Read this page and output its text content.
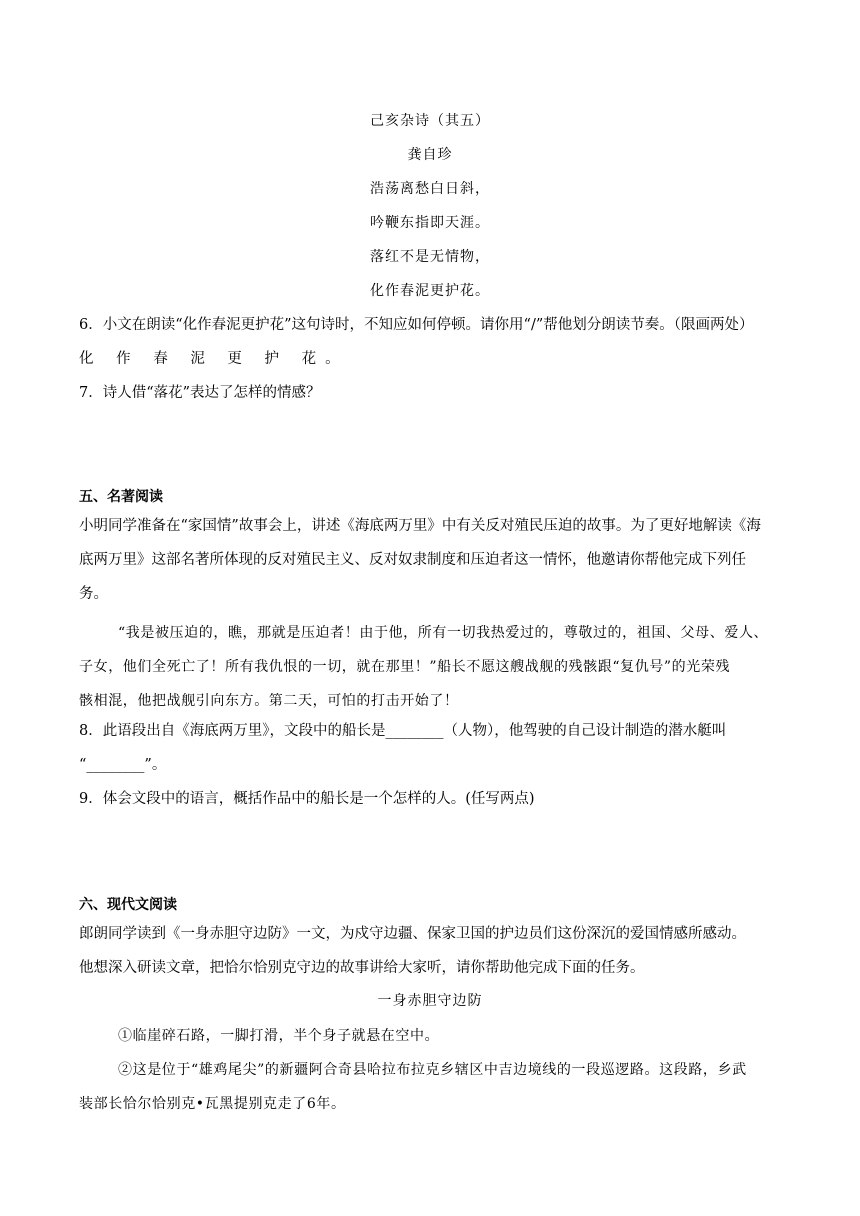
己亥杂诗（其五）
龚自珍
浩荡离愁白日斜，
吟鞭东指即天涯。
落红不是无情物，
化作春泥更护花。
6．小文在朗读“化作春泥更护花”这句诗时，不知应如何停顿。请你用“/”帮他划分朗读节奏。（限画两处）
化 作 春 泥 更 护 花。
7．诗人借“落花”表达了怎样的情感？
五、名著阅读
小明同学准备在“家国情”故事会上，讲述《海底两万里》中有关反对殖民压迫的故事。为了更好地解读《海
底两万里》这部名著所体现的反对殖民主义、反对奴隶制度和压迫者这一情怀，他邀请你帮他完成下列任
务。
“我是被压迫的，瞧，那就是压迫者！由于他，所有一切我热爱过的，尊敬过的，祖国、父母、爱人、
子女，他们全死亡了！所有我仇恨的一切，就在那里！”船长不愿这艘战舰的残骸跟“复仇号”的光荣残
骸相混，他把战舰引向东方。第二天，可怕的打击开始了！
8．此语段出自《海底两万里》，文段中的船长是________（人物），他驾驶的自己设计制造的潜水艇叫
“________”。
9．体会文段中的语言，概括作品中的船长是一个怎样的人。(任写两点)
六、现代文阅读
郎朗同学读到《一身赤胆守边防》一文，为戍守边疆、保家卫国的护边员们这份深沉的爱国情感所感动。
他想深入研读文章，把恰尔恰别克守边的故事讲给大家听，请你帮助他完成下面的任务。
一身赤胆守边防
①临崖碎石路，一脚打滑，半个身子就悬在空中。
②这是位于“雄鸡尾尖”的新疆阿合奇县哈拉布拉克乡辖区中吉边境线的一段巡逻路。这段路，乡武
装部长恰尔恰别克•瓦黑提别克走了6年。
